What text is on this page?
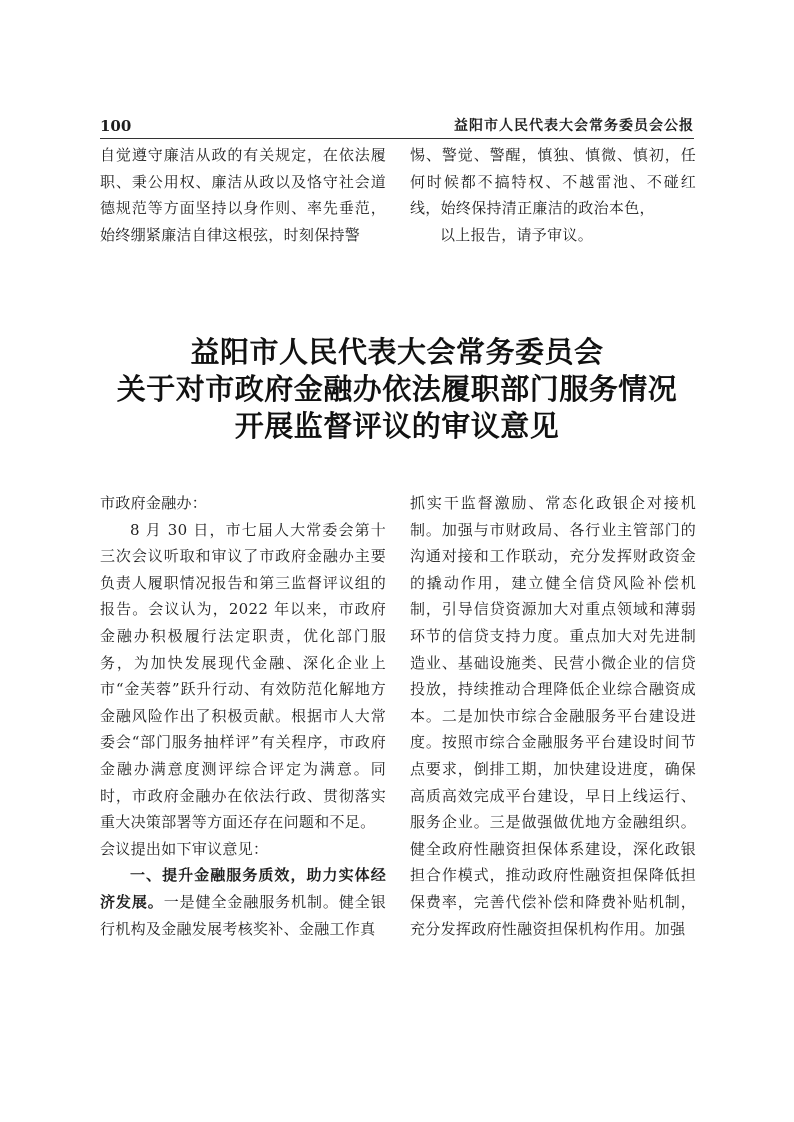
100	益阳市人民代表大会常务委员会公报

自觉遵守廉洁从政的有关规定，在依法履职、秉公用权、廉洁从政以及恪守社会道德规范等方面坚持以身作则、率先垂范，始终绷紧廉洁自律这根弦，时刻保持警

惕、警觉、警醒，慎独、慎微、慎初，任何时候都不搞特权、不越雷池、不碰红线，始终保持清正廉洁的政治本色，

以上报告，请予审议。

益阳市人民代表大会常务委员会
关于对市政府金融办依法履职部门服务情况
开展监督评议的审议意见

市政府金融办：

8 月 30 日，市七届人大常委会第十三次会议听取和审议了市政府金融办主要负责人履职情况报告和第三监督评议组的报告。会议认为，2022 年以来，市政府金融办积极履行法定职责，优化部门服务，为加快发展现代金融、深化企业上市“金芙蓉”跃升行动、有效防范化解地方金融风险作出了积极贡献。根据市人大常委会“部门服务抽样评”有关程序，市政府金融办满意度测评综合评定为满意。同时，市政府金融办在依法行政、贯彻落实重大决策部署等方面还存在问题和不足。

会议提出如下审议意见：

一、提升金融服务质效，助力实体经济发展。一是健全金融服务机制。健全银行机构及金融发展考核奖补、金融工作真

抓实干监督激励、常态化政银企对接机制。加强与市财政局、各行业主管部门的沟通对接和工作联动，充分发挥财政资金的撬动作用，建立健全信贷风险补偿机制，引导信贷资源加大对重点领域和薄弱环节的信贷支持力度。重点加大对先进制造业、基础设施类、民营小微企业的信贷投放，持续推动合理降低企业综合融资成本。二是加快市综合金融服务平台建设进度。按照市综合金融服务平台建设时间节点要求，倒排工期，加快建设进度，确保高质高效完成平台建设，早日上线运行、服务企业。三是做强做优地方金融组织。健全政府性融资担保体系建设，深化政银担合作模式，推动政府性融资担保降低担保费率，完善代偿补偿和降费补贴机制，充分发挥政府性融资担保机构作用。加强
